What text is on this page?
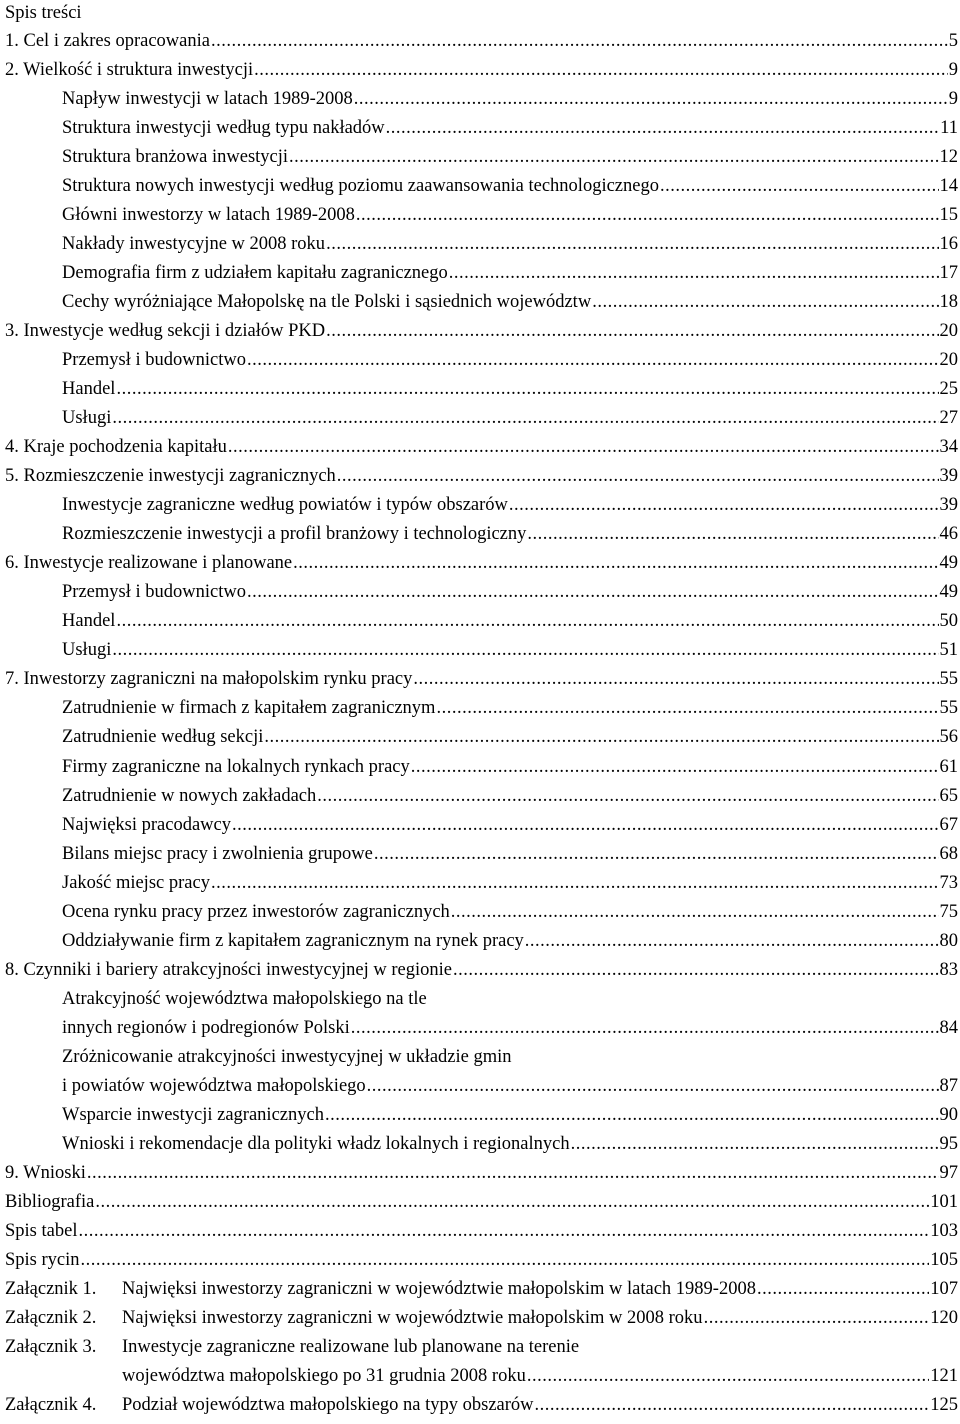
Spis treści
1. Cel i zakres opracowania .....	5
2. Wielkość i struktura inwestycji .....	9
Napływ inwestycji w latach 1989-2008 .....	9
Struktura inwestycji według typu nakładów .....	11
Struktura branżowa inwestycji .....	12
Struktura nowych inwestycji według poziomu zaawansowania technologicznego .....	14
Główni inwestorzy w latach 1989-2008 .....	15
Nakłady inwestycyjne w 2008 roku .....	16
Demografia firm z udziałem kapitału zagranicznego .....	17
Cechy wyróżniające Małopolskę na tle Polski i sąsiednich województw .....	18
3. Inwestycje według sekcji i działów PKD .....	20
Przemysł i budownictwo .....	20
Handel .....	25
Usługi .....	27
4. Kraje pochodzenia kapitału .....	34
5. Rozmieszczenie inwestycji zagranicznych .....	39
Inwestycje zagraniczne według powiatów i typów obszarów .....	39
Rozmieszczenie inwestycji a profil branżowy i technologiczny .....	46
6. Inwestycje realizowane i planowane .....	49
Przemysł i budownictwo .....	49
Handel .....	50
Usługi .....	51
7. Inwestorzy zagraniczni na małopolskim rynku pracy .....	55
Zatrudnienie w firmach z kapitałem zagranicznym .....	55
Zatrudnienie według sekcji .....	56
Firmy zagraniczne na lokalnych rynkach pracy .....	61
Zatrudnienie w nowych zakładach .....	65
Najwięksi pracodawcy .....	67
Bilans miejsc pracy i zwolnienia grupowe .....	68
Jakość miejsc pracy .....	73
Ocena rynku pracy przez inwestorów zagranicznych .....	75
Oddziaływanie firm z kapitałem zagranicznym na rynek pracy .....	80
8. Czynniki i bariery atrakcyjności inwestycyjnej w regionie .....	83
Atrakcyjność województwa małopolskiego na tle
innych regionów i podregionów Polski .....	84
Zróżnicowanie atrakcyjności inwestycyjnej w układzie gmin
i powiatów województwa małopolskiego .....	87
Wsparcie inwestycji zagranicznych .....	90
Wnioski i rekomendacje dla polityki władz lokalnych i regionalnych .....	95
9. Wnioski .....	97
Bibliografia .....	101
Spis tabel .....	103
Spis rycin .....	105
Załącznik 1. Najwięksi inwestorzy zagraniczni w województwie małopolskim w latach 1989-2008 .....	107
Załącznik 2. Najwięksi inwestorzy zagraniczni w województwie małopolskim w 2008 roku .....	120
Załącznik 3. Inwestycje zagraniczne realizowane lub planowane na terenie
województwa małopolskiego po 31 grudnia 2008 roku .....	121
Załącznik 4. Podział województwa małopolskiego na typy obszarów .....	125
